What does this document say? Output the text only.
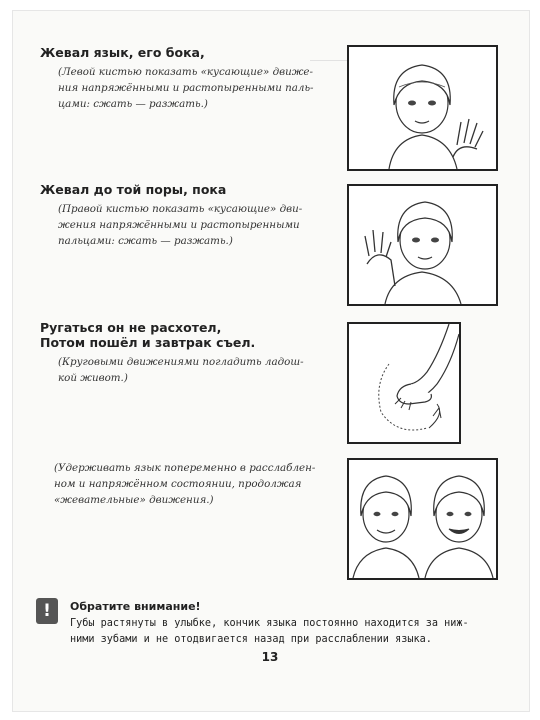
Жевал язык, его бока,
(Левой кистью показать «кусающие» движе-
ния напряжёнными и растопыренными паль-
цами: сжать — разжать.)
Жевал до той поры, пока
(Правой кистью показать «кусающие» дви-
жения напряжёнными и растопыренными
пальцами: сжать — разжать.)
Ругаться он не расхотел,
Потом пошёл и завтрак съел.
(Круговыми движениями погладить ладош-
кой живот.)
(Удерживать язык попеременно в расслаблен-
ном и напряжённом состоянии, продолжая
«жевательные» движения.)
!	Обратите внимание!
Губы растянуты в улыбке, кончик языка постоянно находится за ниж-
ними зубами и не отодвигается назад при расслаблении языка.
13
